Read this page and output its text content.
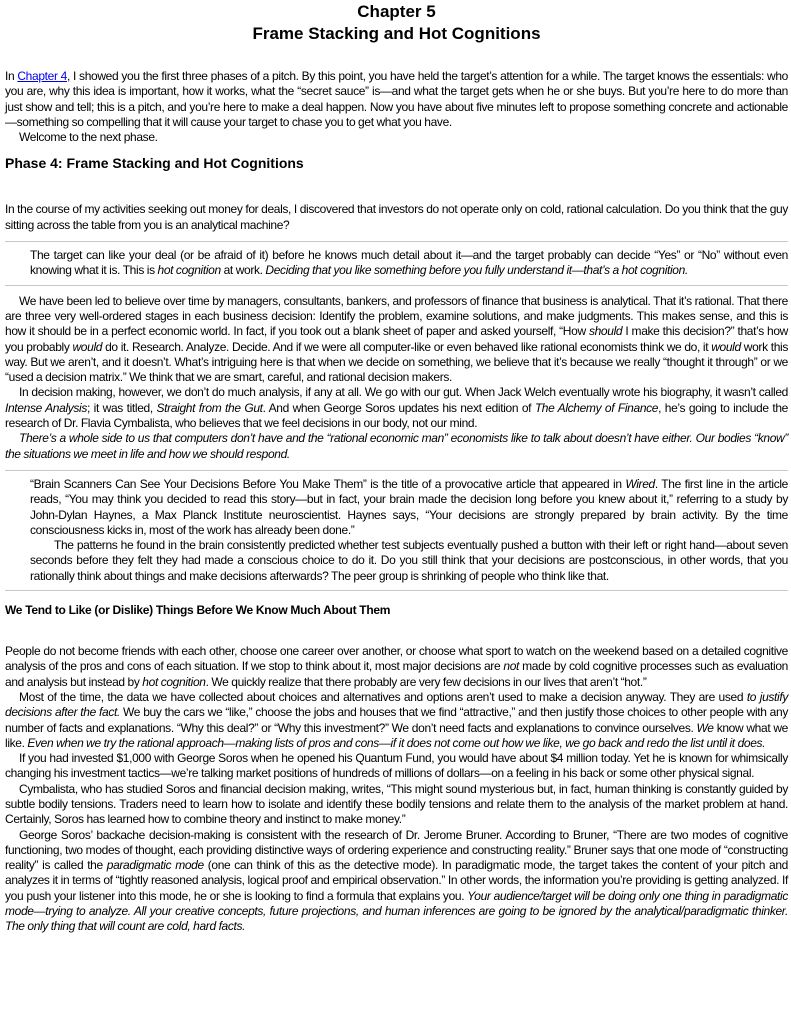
Chapter 5
Frame Stacking and Hot Cognitions

In Chapter 4, I showed you the first three phases of a pitch. By this point, you have held the target’s attention for a while. The target knows the essentials: who you are, why this idea is important, how it works, what the “secret sauce” is—and what the target gets when he or she buys. But you’re here to do more than just show and tell; this is a pitch, and you’re here to make a deal happen. Now you have about five minutes left to propose something concrete and actionable—something so compelling that it will cause your target to chase you to get what you have.

Welcome to the next phase.

Phase 4: Frame Stacking and Hot Cognitions

In the course of my activities seeking out money for deals, I discovered that investors do not operate only on cold, rational calculation. Do you think that the guy sitting across the table from you is an analytical machine?

The target can like your deal (or be afraid of it) before he knows much detail about it—and the target probably can decide “Yes” or “No” without even knowing what it is. This is hot cognition at work. Deciding that you like something before you fully understand it—that’s a hot cognition.

We have been led to believe over time by managers, consultants, bankers, and professors of finance that business is analytical. That it’s rational. That there are three very well-ordered stages in each business decision: Identify the problem, examine solutions, and make judgments. This makes sense, and this is how it should be in a perfect economic world. In fact, if you took out a blank sheet of paper and asked yourself, “How should I make this decision?” that’s how you probably would do it. Research. Analyze. Decide. And if we were all computer-like or even behaved like rational economists think we do, it would work this way. But we aren’t, and it doesn’t. What’s intriguing here is that when we decide on something, we believe that it’s because we really “thought it through” or we “used a decision matrix.” We think that we are smart, careful, and rational decision makers.

In decision making, however, we don’t do much analysis, if any at all. We go with our gut. When Jack Welch eventually wrote his biography, it wasn’t called Intense Analysis; it was titled, Straight from the Gut. And when George Soros updates his next edition of The Alchemy of Finance, he’s going to include the research of Dr. Flavia Cymbalista, who believes that we feel decisions in our body, not our mind.

There’s a whole side to us that computers don’t have and the “rational economic man” economists like to talk about doesn’t have either. Our bodies “know” the situations we meet in life and how we should respond.

“Brain Scanners Can See Your Decisions Before You Make Them” is the title of a provocative article that appeared in Wired. The first line in the article reads, “You may think you decided to read this story—but in fact, your brain made the decision long before you knew about it,” referring to a study by John-Dylan Haynes, a Max Planck Institute neuroscientist. Haynes says, “Your decisions are strongly prepared by brain activity. By the time consciousness kicks in, most of the work has already been done.”

The patterns he found in the brain consistently predicted whether test subjects eventually pushed a button with their left or right hand—about seven seconds before they felt they had made a conscious choice to do it. Do you still think that your decisions are postconscious, in other words, that you rationally think about things and make decisions afterwards? The peer group is shrinking of people who think like that.

We Tend to Like (or Dislike) Things Before We Know Much About Them

People do not become friends with each other, choose one career over another, or choose what sport to watch on the weekend based on a detailed cognitive analysis of the pros and cons of each situation. If we stop to think about it, most major decisions are not made by cold cognitive processes such as evaluation and analysis but instead by hot cognition. We quickly realize that there probably are very few decisions in our lives that aren’t “hot.”

Most of the time, the data we have collected about choices and alternatives and options aren’t used to make a decision anyway. They are used to justify decisions after the fact. We buy the cars we “like,” choose the jobs and houses that we find “attractive,” and then justify those choices to other people with any number of facts and explanations. “Why this deal?” or “Why this investment?” We don’t need facts and explanations to convince ourselves. We know what we like. Even when we try the rational approach—making lists of pros and cons—if it does not come out how we like, we go back and redo the list until it does.

If you had invested $1,000 with George Soros when he opened his Quantum Fund, you would have about $4 million today. Yet he is known for whimsically changing his investment tactics—we’re talking market positions of hundreds of millions of dollars—on a feeling in his back or some other physical signal.

Cymbalista, who has studied Soros and financial decision making, writes, “This might sound mysterious but, in fact, human thinking is constantly guided by subtle bodily tensions. Traders need to learn how to isolate and identify these bodily tensions and relate them to the analysis of the market problem at hand. Certainly, Soros has learned how to combine theory and instinct to make money.”

George Soros’ backache decision-making is consistent with the research of Dr. Jerome Bruner. According to Bruner, “There are two modes of cognitive functioning, two modes of thought, each providing distinctive ways of ordering experience and constructing reality.” Bruner says that one mode of “constructing reality” is called the paradigmatic mode (one can think of this as the detective mode). In paradigmatic mode, the target takes the content of your pitch and analyzes it in terms of “tightly reasoned analysis, logical proof and empirical observation.” In other words, the information you’re providing is getting analyzed. If you push your listener into this mode, he or she is looking to find a formula that explains you. Your audience/target will be doing only one thing in paradigmatic mode—trying to analyze. All your creative concepts, future projections, and human inferences are going to be ignored by the analytical/paradigmatic thinker. The only thing that will count are cold, hard facts.
